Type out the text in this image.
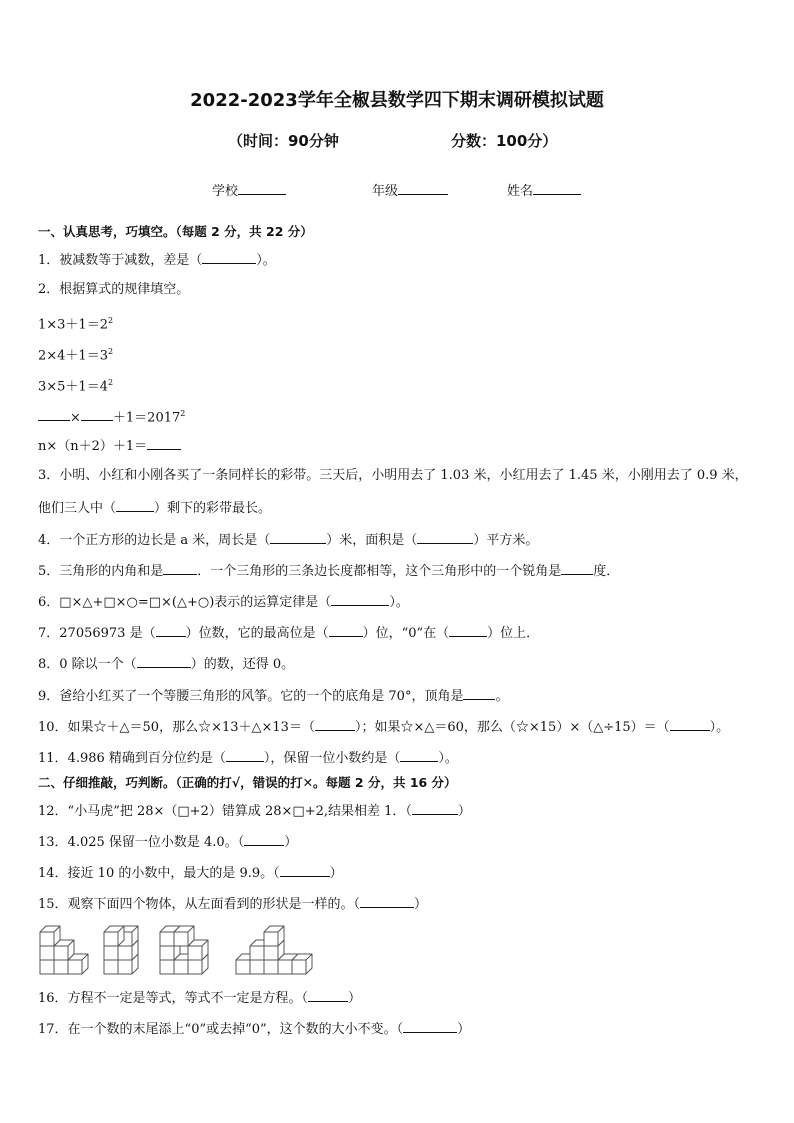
2022-2023学年全椒县数学四下期末调研模拟试题
（时间：90分钟	分数：100分）
学校	年级	姓名
一、认真思考，巧填空。（每题 2 分，共 22 分）
1．被减数等于减数，差是（	）。
2．根据算式的规律填空。
$1\times 3+1=2^2$
$2\times 4+1=3^2$
$3\times 5+1=4^2$
× $+1=2017^2$
n×（n＋2）＋1＝
3．小明、小红和小刚各买了一条同样长的彩带。三天后，小明用去了 1.03 米，小红用去了 1.45 米，小刚用去了 0.9 米，
他们三人中（	）剩下的彩带最长。
4．一个正方形的边长是 a 米，周长是（	）米，面积是（	）平方米。
5．三角形的内角和是	．一个三角形的三条边长度都相等，这个三角形中的一个锐角是 度．
6．□×△+□×○=□×(△+○)表示的运算定律是（	）。
7．27056973 是（ ）位数，它的最高位是（	）位，“0”在（	）位上．
8．0 除以一个（	）的数，还得 0。
9．爸给小红买了一个等腰三角形的风筝。它的一个的底角是 70°，顶角是 。
10．如果☆＋△＝50，那么☆×13＋△×13＝（	）；如果☆×△＝60，那么（☆×15）×（△÷15）＝（	）。
11．4.986 精确到百分位约是（	），保留一位小数约是（	）。
二、仔细推敲，巧判断。（正确的打√，错误的打✕。每题 2 分，共 16 分）
12．“小马虎”把 28×（□+2）错算成 28×□+2,结果相差 1．（	）
13．4.025 保留一位小数是 4.0。（	）
14．接近 10 的小数中，最大的是 9.9。（	）
15．观察下面四个物体，从左面看到的形状是一样的。（	）
16．方程不一定是等式，等式不一定是方程。（	）
17．在一个数的末尾添上“0”或去掉“0”，这个数的大小不变。（	）
